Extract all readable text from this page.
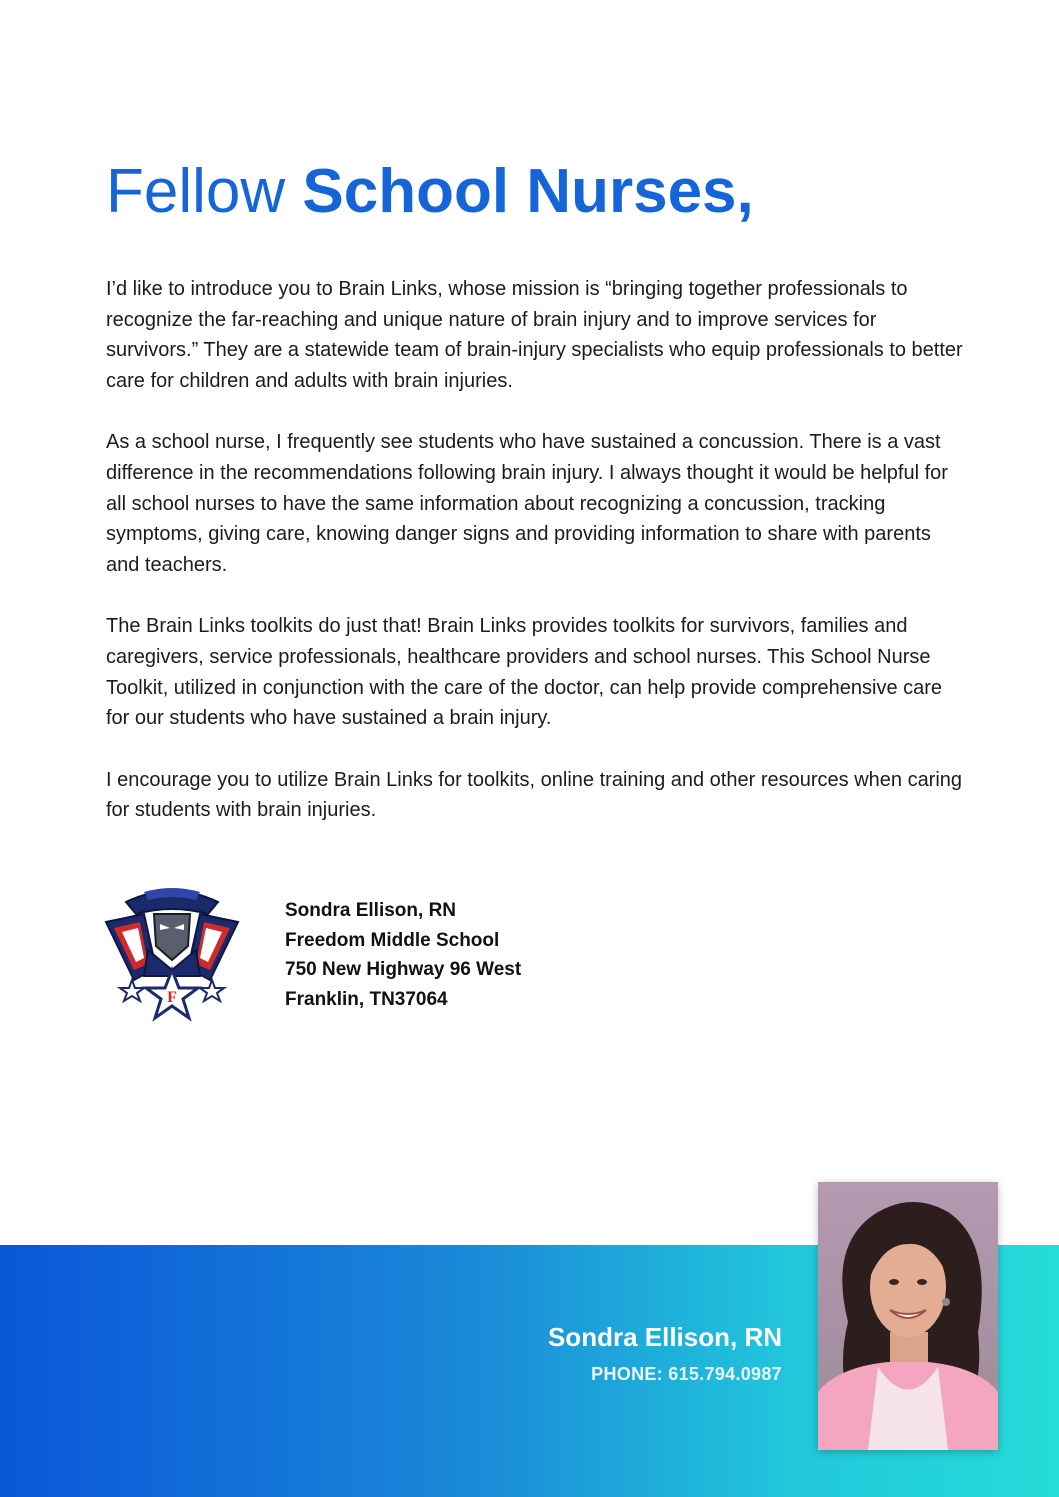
Fellow School Nurses,

I’d like to introduce you to Brain Links, whose mission is “bringing together professionals to recognize the far-reaching and unique nature of brain injury and to improve services for survivors.” They are a statewide team of brain-injury specialists who equip professionals to better care for children and adults with brain injuries.

As a school nurse, I frequently see students who have sustained a concussion. There is a vast difference in the recommendations following brain injury. I always thought it would be helpful for all school nurses to have the same information about recognizing a concussion, tracking symptoms, giving care, knowing danger signs and providing information to share with parents and teachers.

The Brain Links toolkits do just that! Brain Links provides toolkits for survivors, families and caregivers, service professionals, healthcare providers and school nurses. This School Nurse Toolkit, utilized in conjunction with the care of the doctor, can help provide comprehensive care for our students who have sustained a brain injury.

I encourage you to utilize Brain Links for toolkits, online training and other resources when caring for students with brain injuries.

F
Sondra Ellison, RN
Freedom Middle School
750 New Highway 96 West
Franklin, TN37064
Sondra Ellison, RN
PHONE: 615.794.0987
